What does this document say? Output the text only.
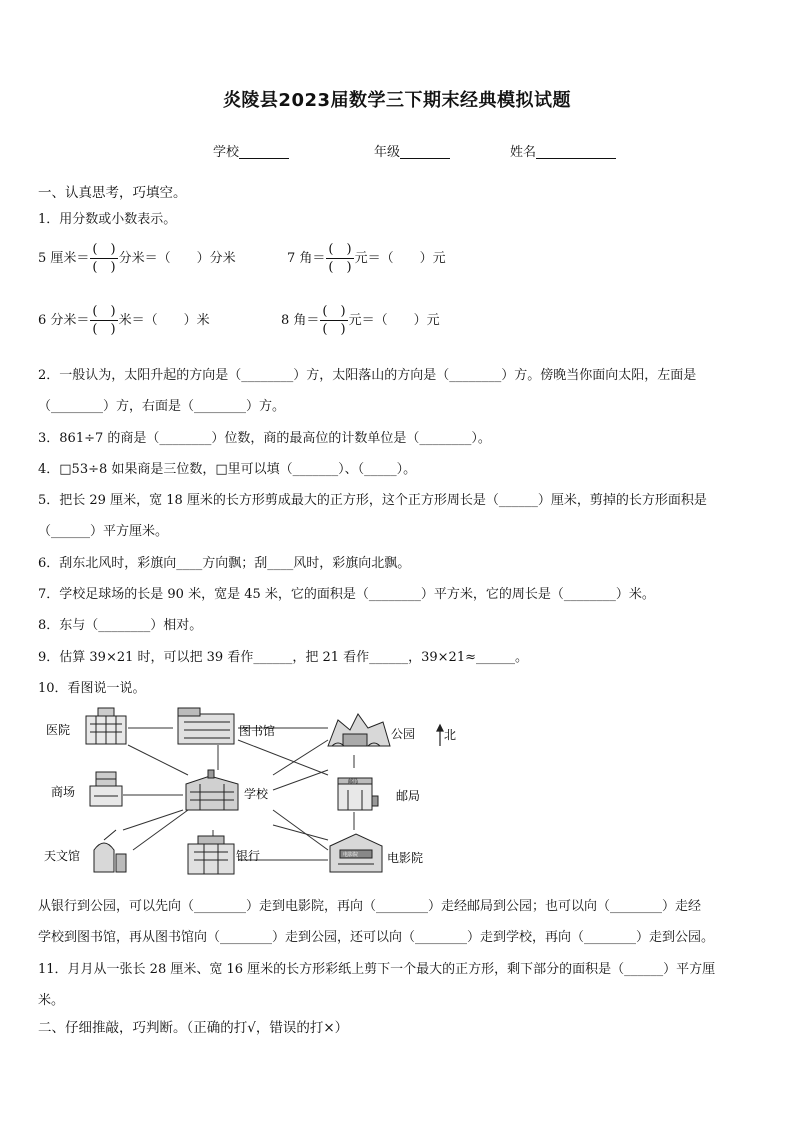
炎陵县2023届数学三下期末经典模拟试题
学校	年级	姓名
一、认真思考，巧填空。
1．用分数或小数表示。
5 厘米＝ $\frac{( )}{( )}$ 分米＝（　　）分米	7 角＝ $\frac{( )}{( )}$ 元＝（　　）元
6 分米＝ $\frac{( )}{( )}$ 米＝（　　）米	8 角＝ $\frac{( )}{( )}$ 元＝（　　）元
2．一般认为，太阳升起的方向是（________）方，太阳落山的方向是（________）方。傍晚当你面向太阳，左面是
（________）方，右面是（________）方。
3．861÷7 的商是（________）位数，商的最高位的计数单位是（________）。
4．□53÷8 如果商是三位数，□里可以填（_______）、（_____）。
5．把长 29 厘米，宽 18 厘米的长方形剪成最大的正方形，这个正方形周长是（______）厘米，剪掉的长方形面积是
（______）平方厘米。
6．刮东北风时，彩旗向____方向飘；刮____风时，彩旗向北飘。
7．学校足球场的长是 90 米，宽是 45 米，它的面积是（________）平方米，它的周长是（________）米。
8．东与（________）相对。
9．估算 39×21 时，可以把 39 看作______，把 21 看作______，39×21≈______。
10．看图说一说。
医院	图书馆	公园 北
商场	学校
邮局
邮局
天文馆	银行	电影院 电影院
从银行到公园，可以先向（________）走到电影院，再向（________）走经邮局到公园；也可以向（________）走经
学校到图书馆，再从图书馆向（________）走到公园，还可以向（________）走到学校，再向（________）走到公园。
11．月月从一张长 28 厘米、宽 16 厘米的长方形彩纸上剪下一个最大的正方形，剩下部分的面积是（______）平方厘
米。
二、仔细推敲，巧判断。（正确的打√，错误的打×）
